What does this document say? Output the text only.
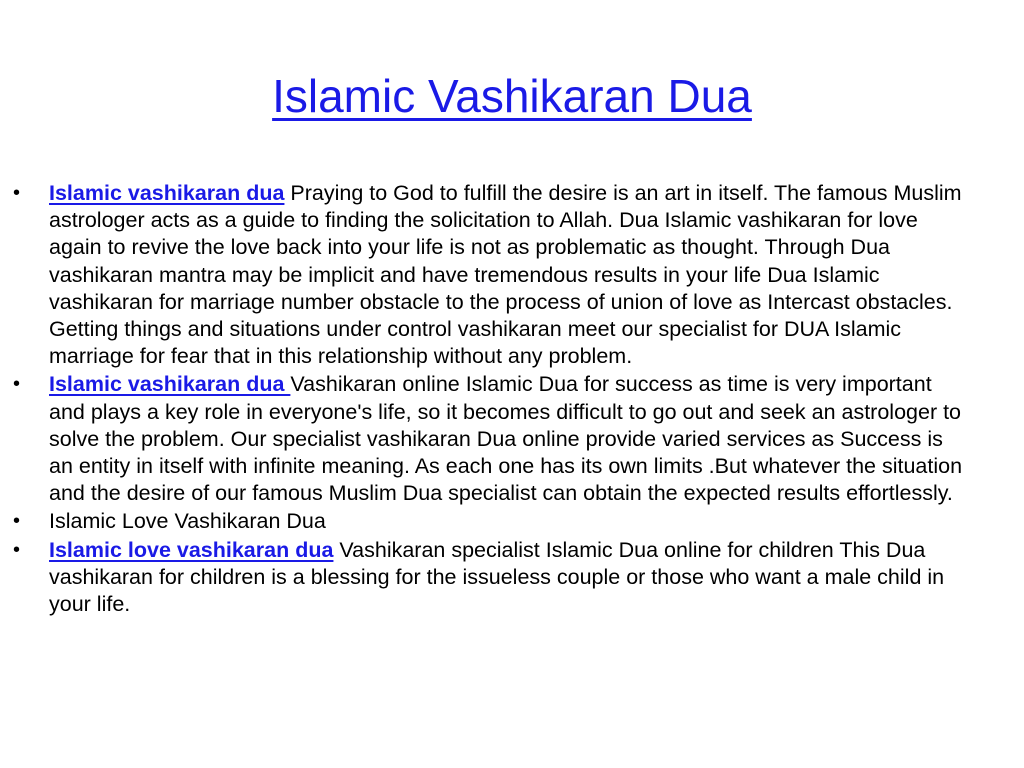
Islamic Vashikaran Dua
• Islamic vashikaran dua Praying to God to fulfill the desire is an art in itself. The famous Muslim astrologer acts as a guide to finding the solicitation to Allah. Dua Islamic vashikaran for love again to revive the love back into your life is not as problematic as thought. Through Dua vashikaran mantra may be implicit and have tremendous results in your life Dua Islamic vashikaran for marriage number obstacle to the process of union of love as Intercast obstacles. Getting things and situations under control vashikaran meet our specialist for DUA Islamic marriage for fear that in this relationship without any problem.
• Islamic vashikaran dua Vashikaran online Islamic Dua for success as time is very important and plays a key role in everyone's life, so it becomes difficult to go out and seek an astrologer to solve the problem. Our specialist vashikaran Dua online provide varied services as Success is an entity in itself with infinite meaning. As each one has its own limits .But whatever the situation and the desire of our famous Muslim Dua specialist can obtain the expected results effortlessly.
• Islamic Love Vashikaran Dua
• Islamic love vashikaran dua Vashikaran specialist Islamic Dua online for children This Dua vashikaran for children is a blessing for the issueless couple or those who want a male child in your life.
